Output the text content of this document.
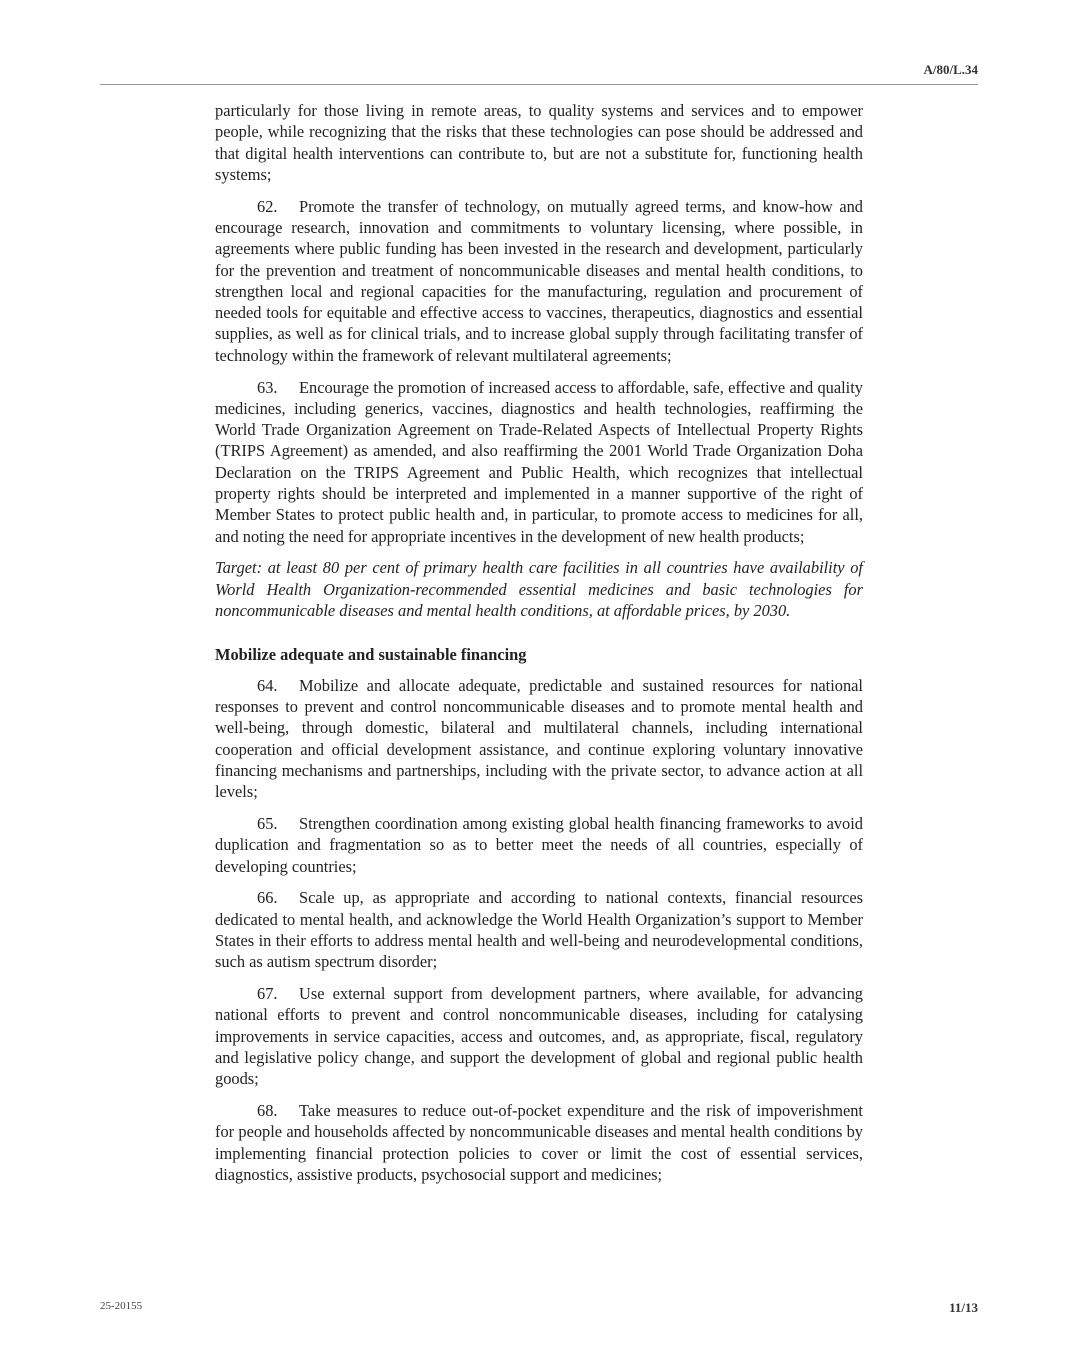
A/80/L.34

particularly for those living in remote areas, to quality systems and services and to empower people, while recognizing that the risks that these technologies can pose should be addressed and that digital health interventions can contribute to, but are not a substitute for, functioning health systems;

62. Promote the transfer of technology, on mutually agreed terms, and know-how and encourage research, innovation and commitments to voluntary licensing, where possible, in agreements where public funding has been invested in the research and development, particularly for the prevention and treatment of noncommunicable diseases and mental health conditions, to strengthen local and regional capacities for the manufacturing, regulation and procurement of needed tools for equitable and effective access to vaccines, therapeutics, diagnostics and essential supplies, as well as for clinical trials, and to increase global supply through facilitating transfer of technology within the framework of relevant multilateral agreements;

63. Encourage the promotion of increased access to affordable, safe, effective and quality medicines, including generics, vaccines, diagnostics and health technologies, reaffirming the World Trade Organization Agreement on Trade-Related Aspects of Intellectual Property Rights (TRIPS Agreement) as amended, and also reaffirming the 2001 World Trade Organization Doha Declaration on the TRIPS Agreement and Public Health, which recognizes that intellectual property rights should be interpreted and implemented in a manner supportive of the right of Member States to protect public health and, in particular, to promote access to medicines for all, and noting the need for appropriate incentives in the development of new health products;

Target: at least 80 per cent of primary health care facilities in all countries have availability of World Health Organization-recommended essential medicines and basic technologies for noncommunicable diseases and mental health conditions, at affordable prices, by 2030.

Mobilize adequate and sustainable financing

64. Mobilize and allocate adequate, predictable and sustained resources for national responses to prevent and control noncommunicable diseases and to promote mental health and well-being, through domestic, bilateral and multilateral channels, including international cooperation and official development assistance, and continue exploring voluntary innovative financing mechanisms and partnerships, including with the private sector, to advance action at all levels;

65. Strengthen coordination among existing global health financing frameworks to avoid duplication and fragmentation so as to better meet the needs of all countries, especially of developing countries;

66. Scale up, as appropriate and according to national contexts, financial resources dedicated to mental health, and acknowledge the World Health Organization’s support to Member States in their efforts to address mental health and well-being and neurodevelopmental conditions, such as autism spectrum disorder;

67. Use external support from development partners, where available, for advancing national efforts to prevent and control noncommunicable diseases, including for catalysing improvements in service capacities, access and outcomes, and, as appropriate, fiscal, regulatory and legislative policy change, and support the development of global and regional public health goods;

68. Take measures to reduce out-of-pocket expenditure and the risk of impoverishment for people and households affected by noncommunicable diseases and mental health conditions by implementing financial protection policies to cover or limit the cost of essential services, diagnostics, assistive products, psychosocial support and medicines;

25-20155	11/13
